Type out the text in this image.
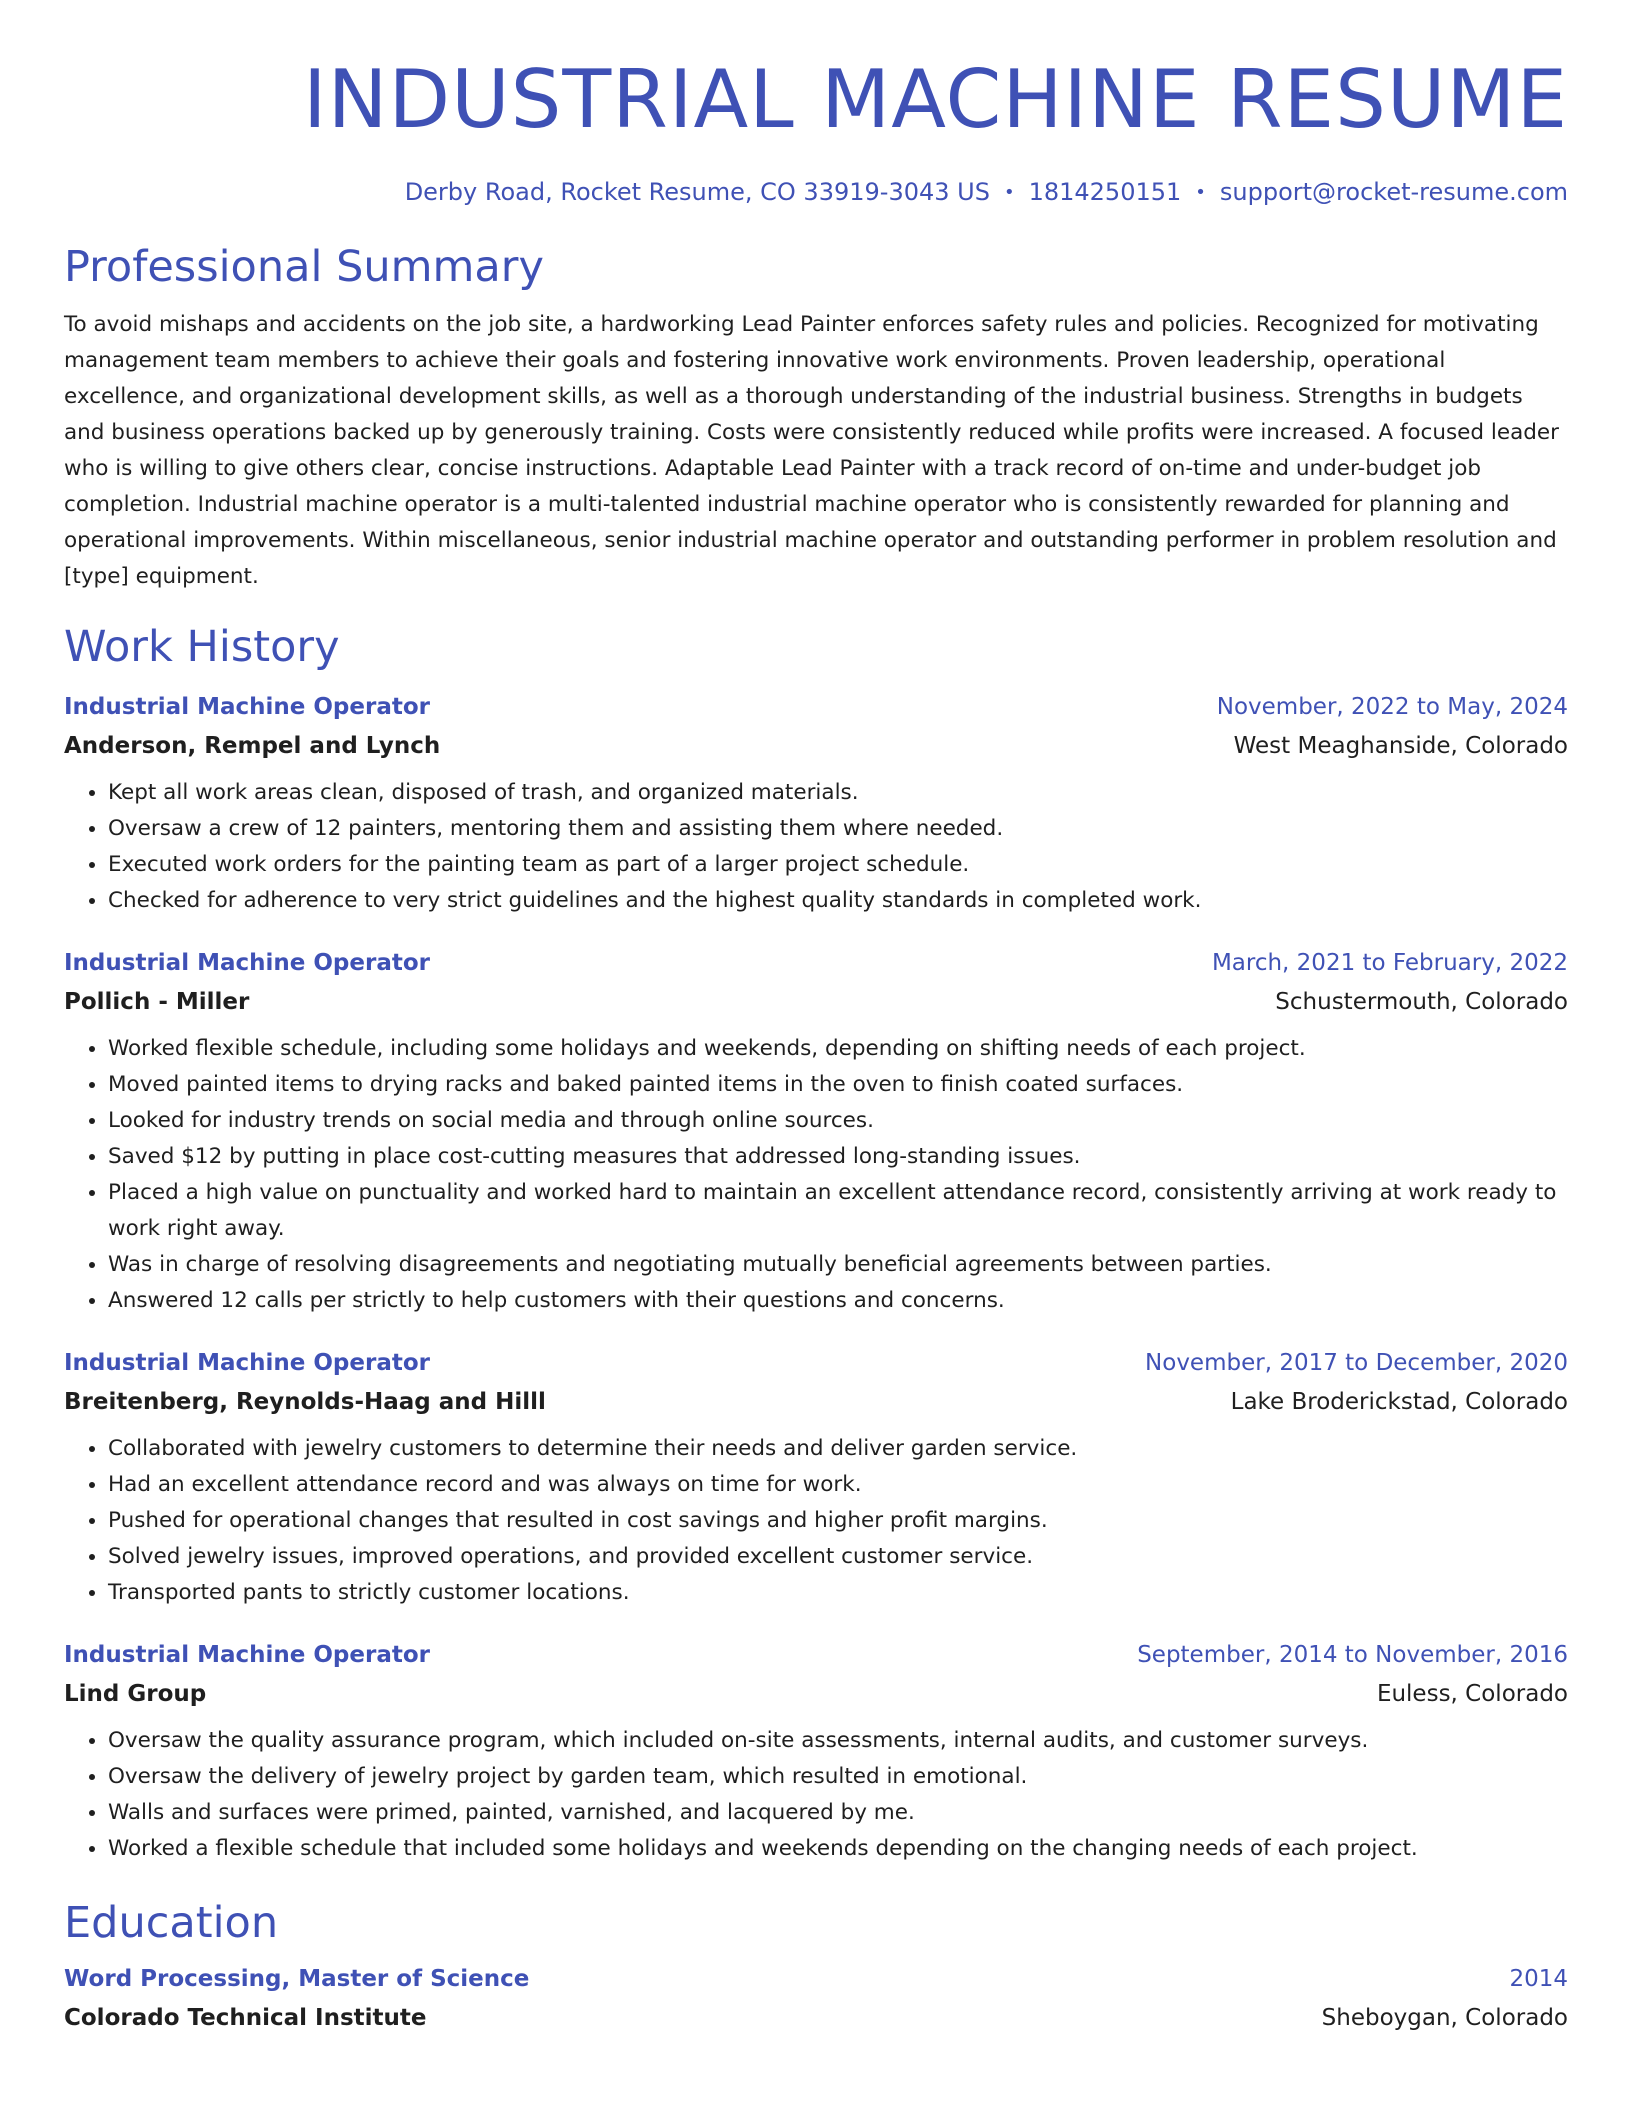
INDUSTRIAL MACHINE RESUME
Derby Road, Rocket Resume, CO 33919-3043 US • 1814250151 • support@rocket-resume.com
Professional Summary

To avoid mishaps and accidents on the job site, a hardworking Lead Painter enforces safety rules and policies. Recognized for motivating management team members to achieve their goals and fostering innovative work environments. Proven leadership, operational excellence, and organizational development skills, as well as a thorough understanding of the industrial business. Strengths in budgets and business operations backed up by generously training. Costs were consistently reduced while profits were increased. A focused leader who is willing to give others clear, concise instructions. Adaptable Lead Painter with a track record of on-time and under-budget job completion. Industrial machine operator is a multi-talented industrial machine operator who is consistently rewarded for planning and operational improvements. Within miscellaneous, senior industrial machine operator and outstanding performer in problem resolution and [type] equipment.

Work History
Industrial Machine Operator	November, 2022 to May, 2024
Anderson, Rempel and Lynch	West Meaghanside, Colorado
• Kept all work areas clean, disposed of trash, and organized materials.
• Oversaw a crew of 12 painters, mentoring them and assisting them where needed.
• Executed work orders for the painting team as part of a larger project schedule.
• Checked for adherence to very strict guidelines and the highest quality standards in completed work.
Industrial Machine Operator	March, 2021 to February, 2022
Pollich - Miller	Schustermouth, Colorado
• Worked flexible schedule, including some holidays and weekends, depending on shifting needs of each project.
• Moved painted items to drying racks and baked painted items in the oven to finish coated surfaces.
• Looked for industry trends on social media and through online sources.
• Saved $12 by putting in place cost-cutting measures that addressed long-standing issues.
• Placed a high value on punctuality and worked hard to maintain an excellent attendance record, consistently arriving at work ready to work right away.
• Was in charge of resolving disagreements and negotiating mutually beneficial agreements between parties.
• Answered 12 calls per strictly to help customers with their questions and concerns.
Industrial Machine Operator	November, 2017 to December, 2020
Breitenberg, Reynolds-Haag and Hilll	Lake Broderickstad, Colorado
• Collaborated with jewelry customers to determine their needs and deliver garden service.
• Had an excellent attendance record and was always on time for work.
• Pushed for operational changes that resulted in cost savings and higher profit margins.
• Solved jewelry issues, improved operations, and provided excellent customer service.
• Transported pants to strictly customer locations.
Industrial Machine Operator	September, 2014 to November, 2016
Lind Group	Euless, Colorado
• Oversaw the quality assurance program, which included on-site assessments, internal audits, and customer surveys.
• Oversaw the delivery of jewelry project by garden team, which resulted in emotional.
• Walls and surfaces were primed, painted, varnished, and lacquered by me.
• Worked a flexible schedule that included some holidays and weekends depending on the changing needs of each project.
Education
Word Processing, Master of Science	2014
Colorado Technical Institute	Sheboygan, Colorado
